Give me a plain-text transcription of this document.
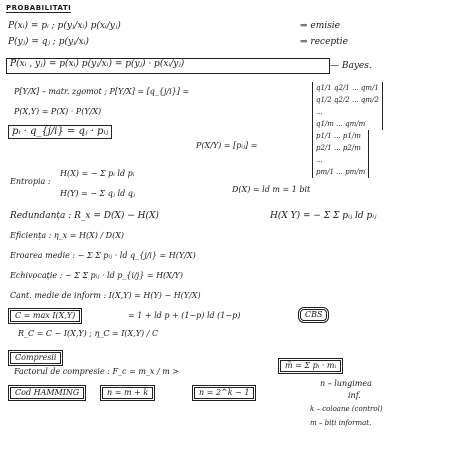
PROBABILITATI
P(xᵢ) = pᵢ ; p(yⱼ/xᵢ) p(xᵢ/yⱼ)	⇒ emisie
P(yⱼ) = qⱼ ; p(yⱼ/xᵢ)	⇒ receptie
P(xᵢ , yⱼ) = p(xᵢ) p(yⱼ/xᵢ) = p(yⱼ) · p(xᵢ/yⱼ)	— Bayes.
P[Y/X] – matr. zgomot ; P[Y/X] = [q_{j/i}] =
P(X,Y) = P(X) · P(Y/X)
q1/1 q2/1 ... qm/1
q1/2 q2/2 ... qm/2
...
q1/m ... qm/m
pᵢ · q_{j/i} = qⱼ · pᵢⱼ
P(X/Y) = [pᵢⱼ] =
p1/1 ... p1/m
p2/1 ... p2/m
...
pm/1 ... pm/m
Entropia :
H(X) = − Σ pᵢ ld pᵢ
H(Y) = − Σ qⱼ ld qⱼ	D(X) = ld m = 1 bit
Redundanța : R_x = D(X) − H(X)	H(X Y) = − Σ Σ pᵢⱼ ld pᵢⱼ
Eficiența : η_x = H(X) / D(X)
Eroarea medie : − Σ Σ pᵢⱼ · ld q_{j/i} = H(Y/X)
Echivocație : − Σ Σ pᵢⱼ · ld p_{i/j} = H(X/Y)
Cant. medie de inform : I(X,Y) = H(Y) − H(Y/X)
C = max I(X,Y)	= 1 + ld p + (1−p) ld (1−p)	CBS
R_C = C − I(X,Y) ; η_C = I(X,Y) / C
Compresii
Factorul de compresie : F_c = m_x / m >
m̄ = Σ pᵢ · mᵢ
Cod HAMMING	n = m + k	n = 2^k − 1
n – lungimea
inf.
k – coloane (control)
m – biți informat.
